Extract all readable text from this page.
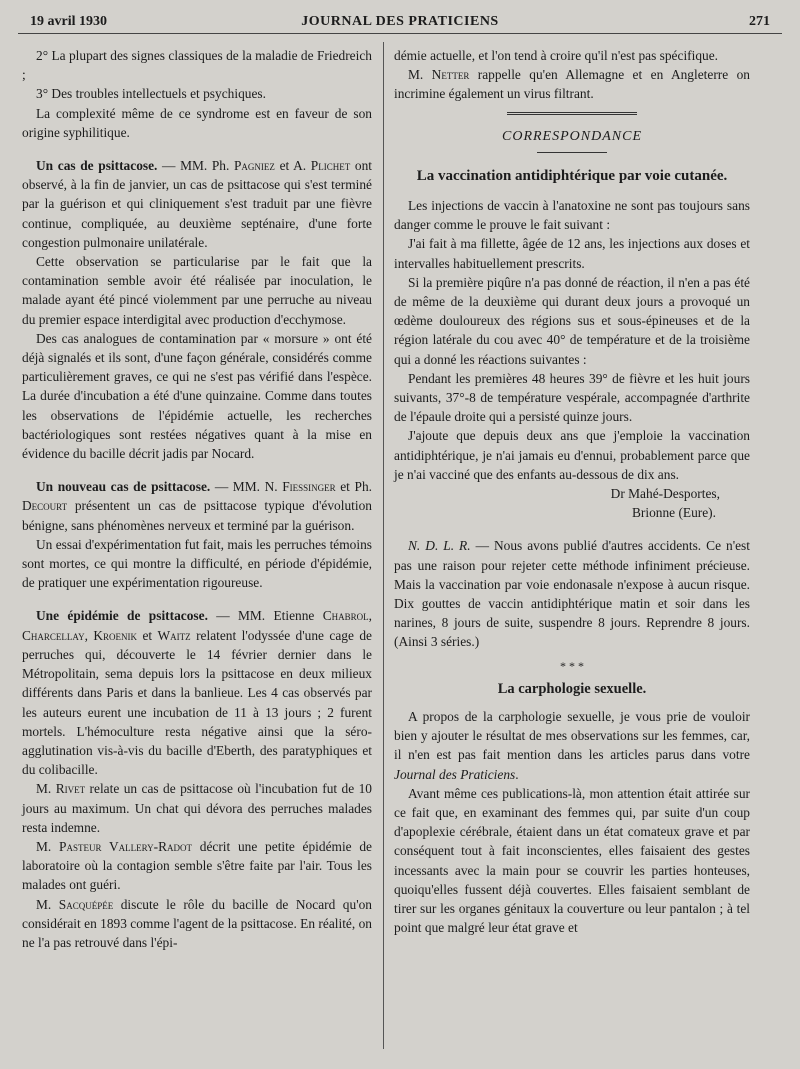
19 avril 1930	JOURNAL DES PRATICIENS	271

2° La plupart des signes classiques de la maladie de Friedreich ;

3° Des troubles intellectuels et psychiques.

La complexité même de ce syndrome est en faveur de son origine syphilitique.

Un cas de psittacose. — MM. Ph. Pagniez et A. Plichet ont observé, à la fin de janvier, un cas de psittacose qui s'est terminé par la guérison et qui cliniquement s'est traduit par une fièvre continue, compliquée, au deuxième septénaire, d'une forte congestion pulmonaire unilatérale.

Cette observation se particularise par le fait que la contamination semble avoir été réalisée par inoculation, le malade ayant été pincé violemment par une perruche au niveau du premier espace interdigital avec production d'ecchymose.

Des cas analogues de contamination par « morsure » ont été déjà signalés et ils sont, d'une façon générale, considérés comme particulièrement graves, ce qui ne s'est pas vérifié dans l'espèce. La durée d'incubation a été d'une quinzaine. Comme dans toutes les observations de l'épidémie actuelle, les recherches bactériologiques sont restées négatives quant à la mise en évidence du bacille décrit jadis par Nocard.

Un nouveau cas de psittacose. — MM. N. Fiessinger et Ph. Decourt présentent un cas de psittacose typique d'évolution bénigne, sans phénomènes nerveux et terminé par la guérison.

Un essai d'expérimentation fut fait, mais les perruches témoins sont mortes, ce qui montre la difficulté, en période d'épidémie, de pratiquer une expérimentation rigoureuse.

Une épidémie de psittacose. — MM. Etienne Chabrol, Charcellay, Kroenik et Waitz relatent l'odyssée d'une cage de perruches qui, découverte le 14 février dernier dans le Métropolitain, sema depuis lors la psittacose en deux milieux différents dans Paris et dans la banlieue. Les 4 cas observés par les auteurs eurent une incubation de 11 à 13 jours ; 2 furent mortels. L'hémoculture resta négative ainsi que la séro-agglutination vis-à-vis du bacille d'Eberth, des paratyphiques et du colibacille.

M. Rivet relate un cas de psittacose où l'incubation fut de 10 jours au maximum. Un chat qui dévora des perruches malades resta indemne.

M. Pasteur Vallery-Radot décrit une petite épidémie de laboratoire où la contagion semble s'être faite par l'air. Tous les malades ont guéri.

M. Sacquépée discute le rôle du bacille de Nocard qu'on considérait en 1893 comme l'agent de la psittacose. En réalité, on ne l'a pas retrouvé dans l'épi-

démie actuelle, et l'on tend à croire qu'il n'est pas spécifique.

M. Netter rappelle qu'en Allemagne et en Angleterre on incrimine également un virus filtrant.

CORRESPONDANCE

La vaccination antidiphtérique par voie cutanée.

Les injections de vaccin à l'anatoxine ne sont pas toujours sans danger comme le prouve le fait suivant :

J'ai fait à ma fillette, âgée de 12 ans, les injections aux doses et intervalles habituellement prescrits.

Si la première piqûre n'a pas donné de réaction, il n'en a pas été de même de la deuxième qui durant deux jours a provoqué un œdème douloureux des régions sus et sous-épineuses et de la région latérale du cou avec 40° de température et de la troisième qui a donné les réactions suivantes :

Pendant les premières 48 heures 39° de fièvre et les huit jours suivants, 37°-8 de température vespérale, accompagnée d'arthrite de l'épaule droite qui a persisté quinze jours.

J'ajoute que depuis deux ans que j'emploie la vaccination antidiphtérique, je n'ai jamais eu d'ennui, probablement parce que je n'ai vacciné que des enfants au-dessous de dix ans.

Dr Mahé-Desportes,

Brionne (Eure).

N. D. L. R. — Nous avons publié d'autres accidents. Ce n'est pas une raison pour rejeter cette méthode infiniment précieuse. Mais la vaccination par voie endonasale n'expose à aucun risque. Dix gouttes de vaccin antidiphtérique matin et soir dans les narines, 8 jours de suite, suspendre 8 jours. Reprendre 8 jours. (Ainsi 3 séries.)

* * *

La carphologie sexuelle.

A propos de la carphologie sexuelle, je vous prie de vouloir bien y ajouter le résultat de mes observations sur les femmes, car, il n'en est pas fait mention dans les articles parus dans votre Journal des Praticiens.

Avant même ces publications-là, mon attention était attirée sur ce fait que, en examinant des femmes qui, par suite d'un coup d'apoplexie cérébrale, étaient dans un état comateux grave et par conséquent tout à fait inconscientes, elles faisaient des gestes incessants avec la main pour se couvrir les parties honteuses, quoiqu'elles fussent déjà couvertes. Elles faisaient semblant de tirer sur les organes génitaux la couverture ou leur pantalon ; à tel point que malgré leur état grave et
